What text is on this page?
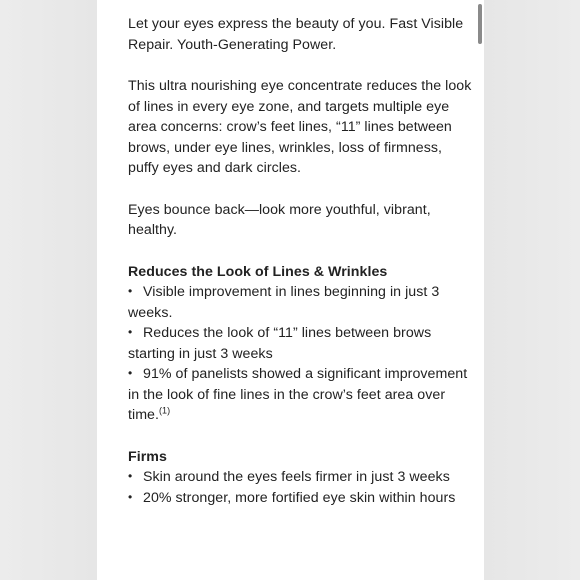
Let your eyes express the beauty of you. Fast Visible Repair. Youth-Generating Power.

This ultra nourishing eye concentrate reduces the look of lines in every eye zone, and targets multiple eye area concerns: crow’s feet lines, “11” lines between brows, under eye lines, wrinkles, loss of firmness, puffy eyes and dark circles.

Eyes bounce back—look more youthful, vibrant, healthy.

Reduces the Look of Lines & Wrinkles

• Visible improvement in lines beginning in just 3 weeks.
• Reduces the look of “11” lines between brows starting in just 3 weeks
• 91% of panelists showed a significant improvement in the look of fine lines in the crow’s feet area over time.$^{(1)}$

Firms

• Skin around the eyes feels firmer in just 3 weeks
• 20% stronger, more fortified eye skin within hours
